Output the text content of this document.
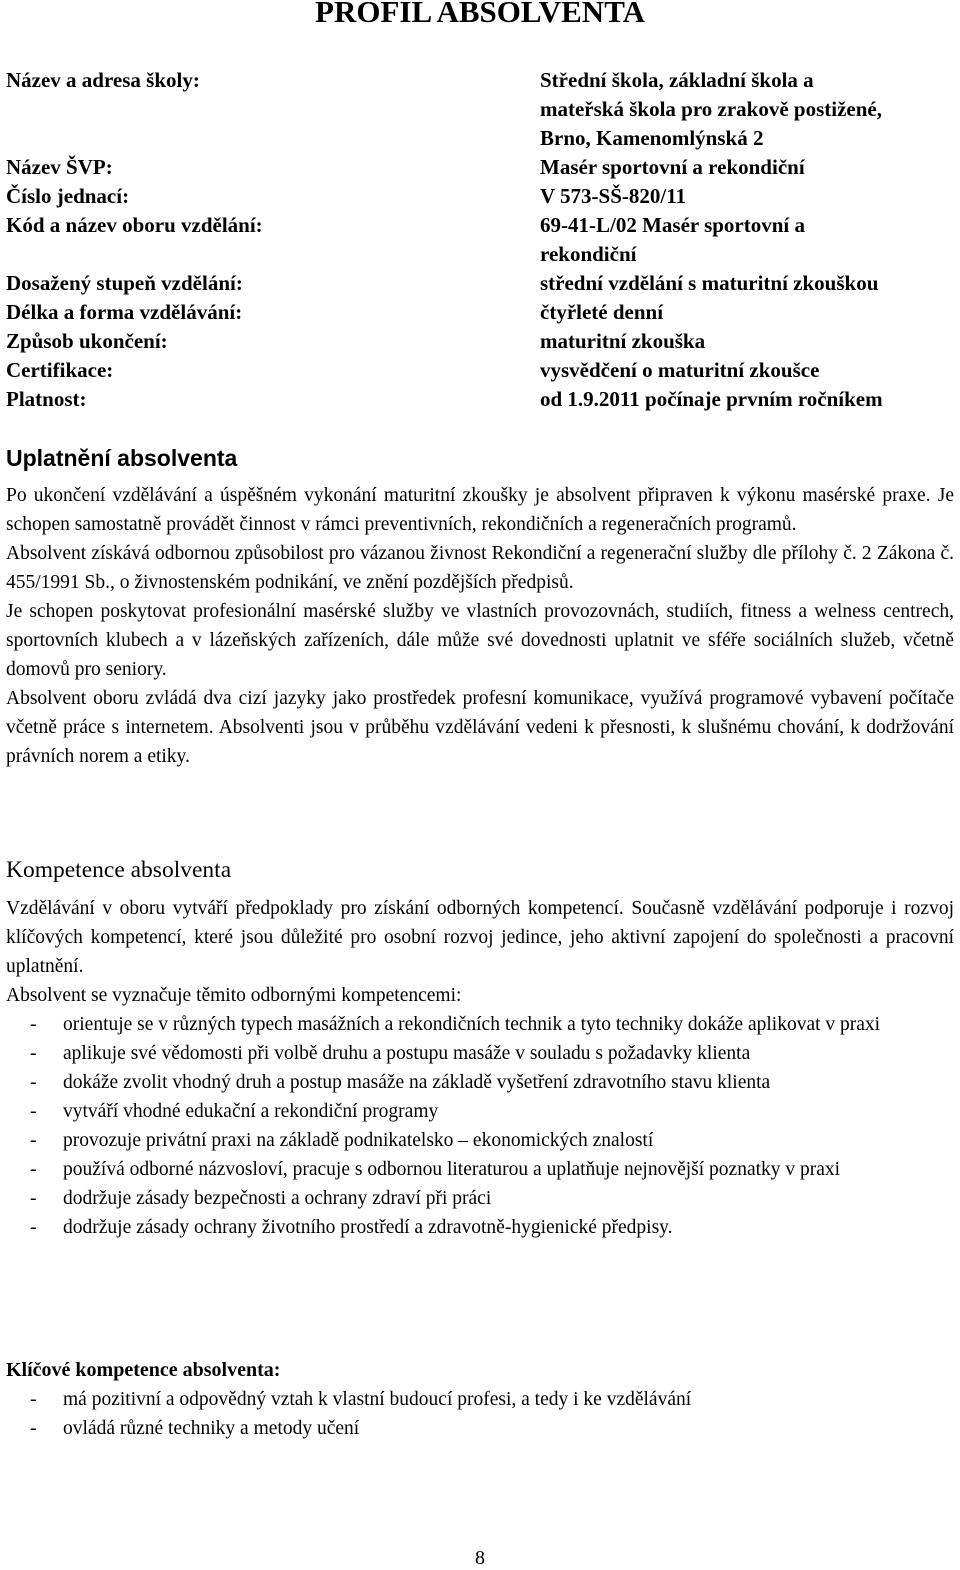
PROFIL ABSOLVENTA
Název a adresa školy:	Střední škola, základní škola a
mateřská škola pro zrakově postižené,
Brno, Kamenomlýnská 2
Název ŠVP:	Masér sportovní a rekondiční
Číslo jednací:	V 573-SŠ-820/11
Kód a název oboru vzdělání:	69-41-L/02 Masér sportovní a
rekondiční
Dosažený stupeň vzdělání:	střední vzdělání s maturitní zkouškou
Délka a forma vzdělávání:	čtyřleté denní
Způsob ukončení:	maturitní zkouška
Certifikace:	vysvědčení o maturitní zkoušce
Platnost:	od 1.9.2011 počínaje prvním ročníkem
Uplatnění absolventa

Po ukončení vzdělávání a úspěšném vykonání maturitní zkoušky je absolvent připraven k výkonu masérské praxe. Je schopen samostatně provádět činnost v rámci preventivních, rekondičních a regeneračních programů.

Absolvent získává odbornou způsobilost pro vázanou živnost Rekondiční a regenerační služby dle přílohy č. 2 Zákona č. 455/1991 Sb., o živnostenském podnikání, ve znění pozdějších předpisů.

Je schopen poskytovat profesionální masérské služby ve vlastních provozovnách, studiích, fitness a welness centrech, sportovních klubech a v lázeňských zařízeních, dále může své dovednosti uplatnit ve sféře sociálních služeb, včetně domovů pro seniory.

Absolvent oboru zvládá dva cizí jazyky jako prostředek profesní komunikace, využívá programové vybavení počítače včetně práce s internetem. Absolventi jsou v průběhu vzdělávání vedeni k přesnosti, k slušnému chování, k dodržování právních norem a etiky.

Kompetence absolventa

Vzdělávání v oboru vytváří předpoklady pro získání odborných kompetencí. Současně vzdělávání podporuje i rozvoj klíčových kompetencí, které jsou důležité pro osobní rozvoj jedince, jeho aktivní zapojení do společnosti a pracovní uplatnění.

Absolvent se vyznačuje těmito odbornými kompetencemi:

- orientuje se v různých typech masážních a rekondičních technik a tyto techniky dokáže aplikovat v praxi
- aplikuje své vědomosti při volbě druhu a postupu masáže v souladu s požadavky klienta
- dokáže zvolit vhodný druh a postup masáže na základě vyšetření zdravotního stavu klienta
- vytváří vhodné edukační a rekondiční programy
- provozuje privátní praxi na základě podnikatelsko – ekonomických znalostí
- používá odborné názvosloví, pracuje s odbornou literaturou a uplatňuje nejnovější poznatky v praxi
- dodržuje zásady bezpečnosti a ochrany zdraví při práci
- dodržuje zásady ochrany životního prostředí a zdravotně-hygienické předpisy.
Klíčové kompetence absolventa:
- má pozitivní a odpovědný vztah k vlastní budoucí profesi, a tedy i ke vzdělávání
- ovládá různé techniky a metody učení
8
